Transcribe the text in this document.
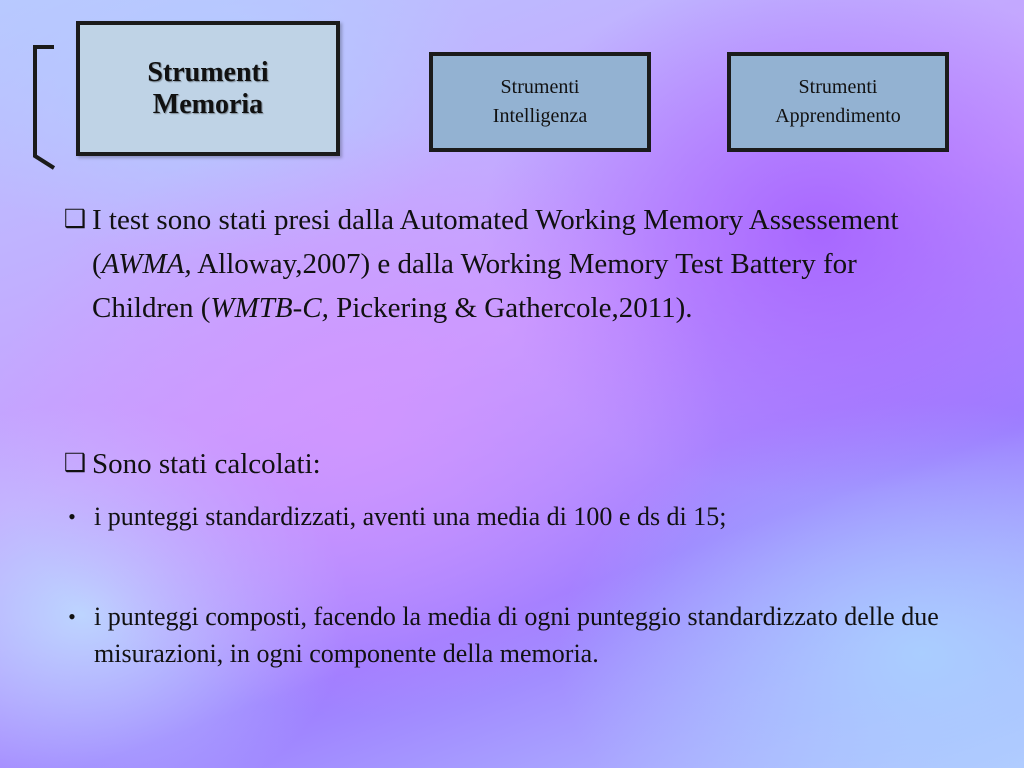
Strumenti
Memoria
Strumenti
Intelligenza
Strumenti
Apprendimento
❑ I test sono stati presi dalla Automated Working Memory Assessement (AWMA, Alloway,2007) e dalla Working Memory Test Battery for Children (WMTB-C, Pickering & Gathercole,2011).
❑ Sono stati calcolati:
• i punteggi standardizzati, aventi una media di 100 e ds di 15;
• i punteggi composti, facendo la media di ogni punteggio standardizzato delle due misurazioni, in ogni componente della memoria.
